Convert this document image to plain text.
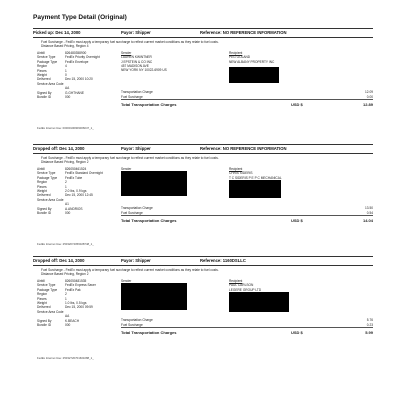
Payment Type Detail (Original)
Picked up: Dec 14, 2000	Payor: Shipper	Reference: NO REFERENCE INFORMATION
Fuel Surcharge - FedEx must apply a temporary fuel surcharge to reflect current market conditions as they relate to fuel costs.
Distance Based Pricing, Region 4
Airbill	826480358900
Service Type	FedEx Priority Overnight
Package Type FedEx Envelope
Region	4
Pieces	1
Weight	0
Delivered	Dec 15, 2000 10:20
Service Area Code
AA
Signed By	G.GHTHANE
Bundle ID	000
Sender
LAUREN KWINTNER
J EPSTEIN & CO INC
457 MADISON AVE
NEW YORK NY 10022-6909 US
Recipient
PEG GOLAND
NEW ALBANY PROPERTY INC
Transportation Charge	12.09
Fuel Surcharge	0.00
Total Transportation Charges	USD $	12.89
FedEx Internet Use: 00000100909006047_1_
Dropped off: Dec 14, 2000	Payor: Shipper	Reference: NO REFERENCE INFORMATION
Fuel Surcharge - FedEx must apply a temporary fuel surcharge to reflect current market conditions as they relate to fuel costs.
Distance Based Pricing, Region 2
Airbill	826050461524
Service Type	FedEx Standard Overnight
Package Type FedEx Tube
Region	2
Pieces	1
Weight	2.0 lbs, 0.9 kgs
Delivered	Dec 15, 2000 12:45
Service Area Code
A1
Signed By	A.ANDRIOS
Bundle ID	000
Sender	Recipient
CHRIS SIDERIS
T C SIDERIS P E P C MECHANICAL
Transportation Charge	13.50
Fuel Surcharge	0.54
Total Transportation Charges	USD $	14.04
FedEx Internet Use: 25032074056028748_1_
Dropped off: Dec 14, 2000	Payor: Shipper	Reference: 1160DSLLC
Fuel Surcharge - FedEx must apply a temporary fuel surcharge to reflect current market conditions as they relate to fuel costs.
Distance Based Pricing, Region 2
Airbill	826050481535
Service Type	FedEx Express Saver
Package Type FedEx Pak
Region	2
Pieces	1
Weight	1.0 lbs, 0.5 kgs
Delivered	Dec 15, 2000 09:59
Service Area Code
AA
Signed By	K.BEACH
Bundle ID	000
Sender	Recipient
PAUL CARLSON
LEGERE GROUP LTD
Transportation Charge	5.76
Fuel Surcharge	0.23
Total Transportation Charges	USD $	5.99
FedEx Internet Use: 25032720701601088_1_
